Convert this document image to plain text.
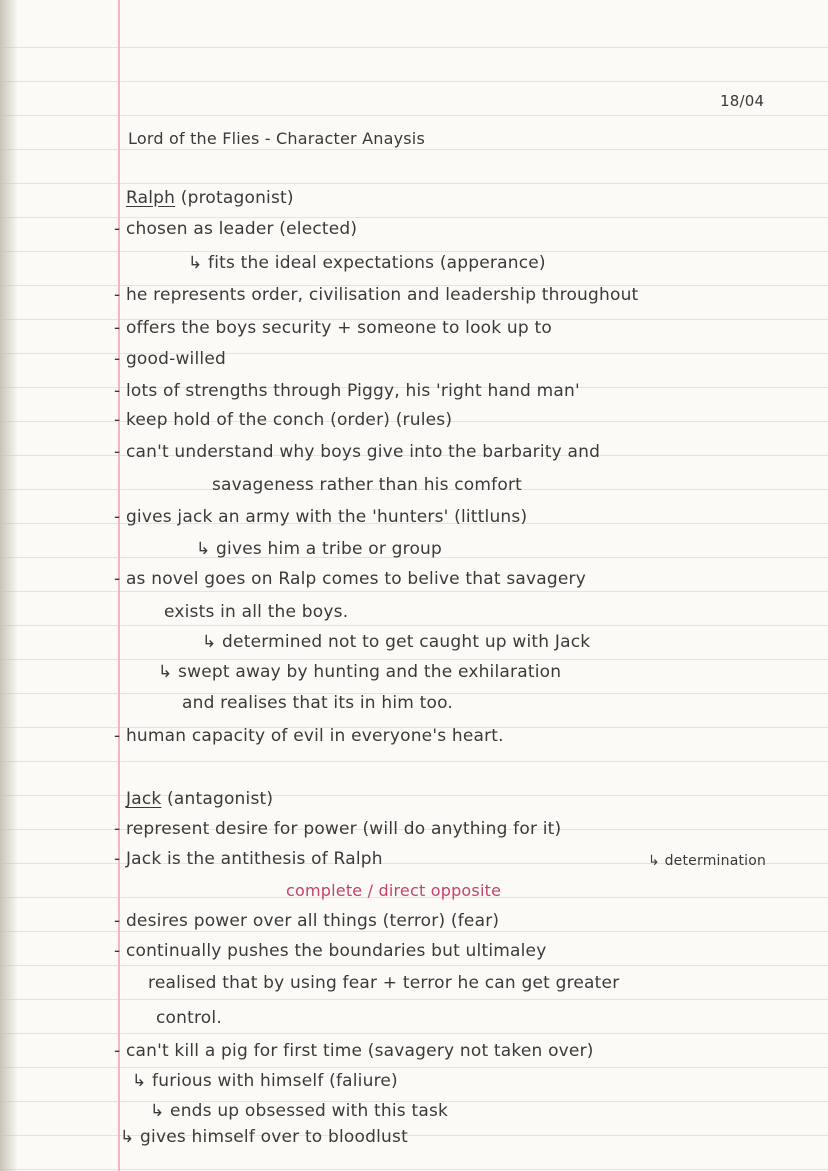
18/04
Lord of the Flies - Character Anaysis
Ralph (protagonist)
- chosen as leader (elected)
↳ fits the ideal expectations (apperance)
- he represents order, civilisation and leadership throughout
- offers the boys security + someone to look up to
- good-willed
- lots of strengths through Piggy, his 'right hand man'
- keep hold of the conch (order) (rules)
- can't understand why boys give into the barbarity and
savageness rather than his comfort
- gives jack an army with the 'hunters' (littluns)
↳ gives him a tribe or group
- as novel goes on Ralp comes to belive that savagery
exists in all the boys.
↳ determined not to get caught up with Jack
↳ swept away by hunting and the exhilaration
and realises that its in him too.
- human capacity of evil in everyone's heart.
Jack (antagonist)
- represent desire for power (will do anything for it)
- Jack is the antithesis of Ralph	↳ determination
complete / direct opposite
- desires power over all things (terror) (fear)
- continually pushes the boundaries but ultimaley
realised that by using fear + terror he can get greater
control.
- can't kill a pig for first time (savagery not taken over)
↳ furious with himself (faliure)
↳ ends up obsessed with this task
↳ gives himself over to bloodlust
